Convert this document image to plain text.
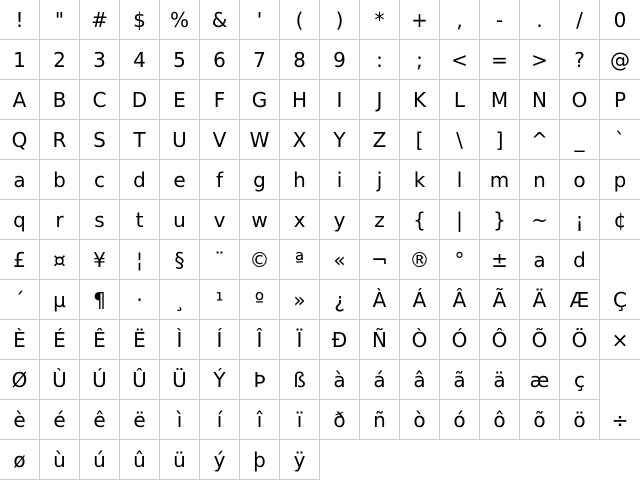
!	"	#	$	%	&	'	(	)	*	+	,	-	.	/	0
1	2	3	4	5	6	7	8	9	:	;	<	=	>	?	@
A	B	C	D	E	F	G	H	I	J	K	L	M	N	O	P
Q	R	S	T	U	V	W	X	Y	Z	[	\	]	^	_	`
a	b	c	d	e	f	g	h	i	j	k	l	m	n	o	p
q	r	s	t	u	v	w	x	y	z	{	|	}	~	¡	¢
£	¤	¥	¦	§	¨	©	ª	«	¬	®	°	±	a	d
´	µ	¶	·	¸	¹	º	»	¿	À	Á	Â	Ã	Ä	Æ	Ç
È	É	Ê	Ë	Ì	Í	Î	Ï	Ð	Ñ	Ò	Ó	Ô	Õ	Ö	×
Ø	Ù	Ú	Û	Ü	Ý	Þ	ß	à	á	â	ã	ä	æ	ç
è	é	ê	ë	ì	í	î	ï	ð	ñ	ò	ó	ô	õ	ö	÷
ø	ù	ú	û	ü	ý	þ	ÿ
